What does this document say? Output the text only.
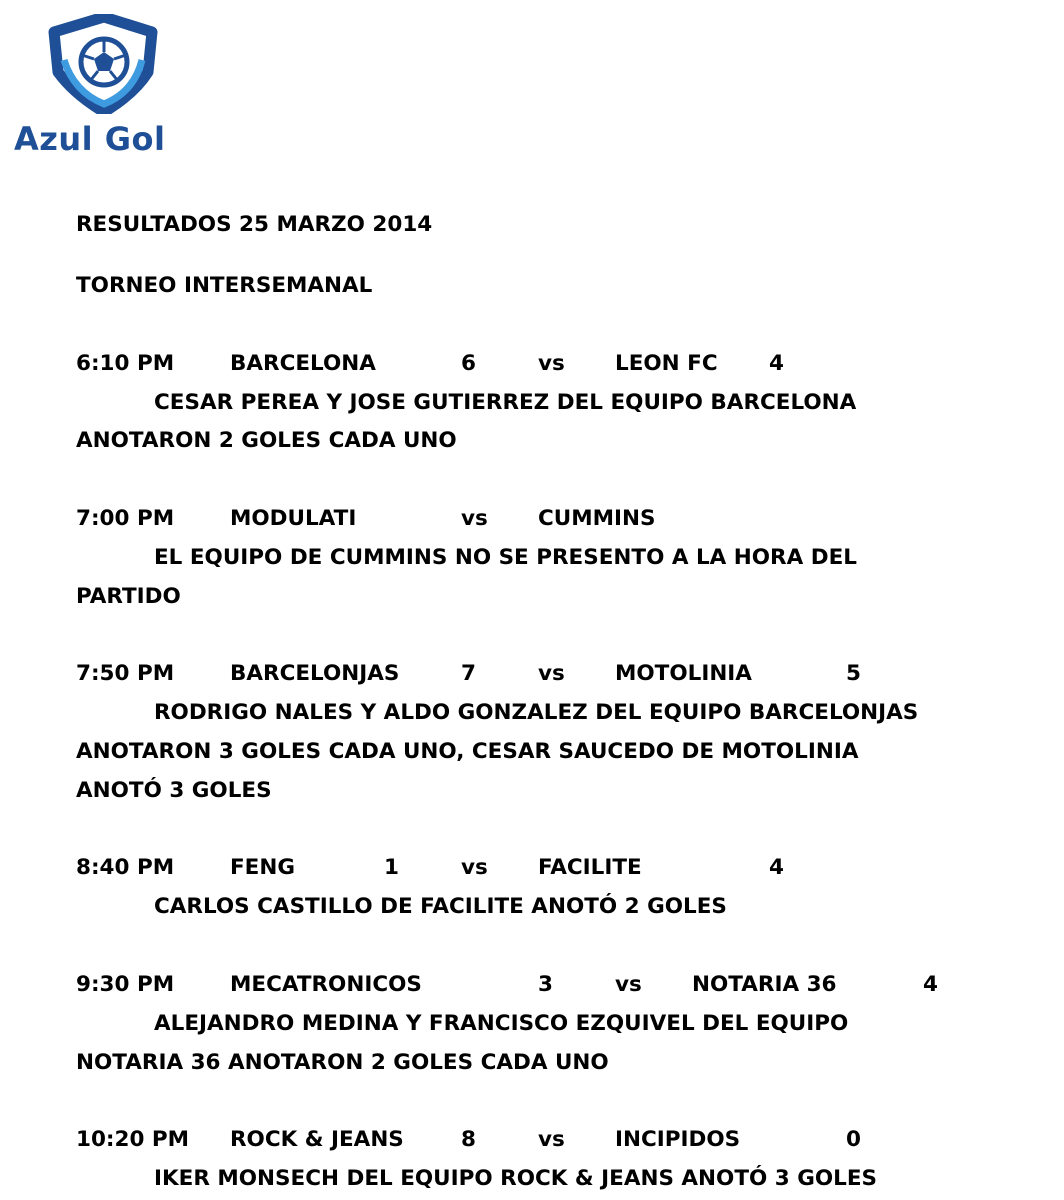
Azul Gol
RESULTADOS 25 MARZO 2014
TORNEO INTERSEMANAL
6:10 PM	BARCELONA	6	vs LEON FC 4
CESAR PEREA Y JOSE GUTIERREZ DEL EQUIPO BARCELONA
ANOTARON 2 GOLES CADA UNO
7:00 PM	MODULATI	vs CUMMINS
EL EQUIPO DE CUMMINS NO SE PRESENTO A LA HORA DEL
PARTIDO
7:50 PM	BARCELONJAS	7	vs MOTOLINIA	5
RODRIGO NALES Y ALDO GONZALEZ DEL EQUIPO BARCELONJAS
ANOTARON 3 GOLES CADA UNO, CESAR SAUCEDO DE MOTOLINIA
ANOTÓ 3 GOLES
8:40 PM	FENG	1	vs FACILITE	4
CARLOS CASTILLO DE FACILITE ANOTÓ 2 GOLES
9:30 PM	MECATRONICOS	3	vs NOTARIA 36	4
ALEJANDRO MEDINA Y FRANCISCO EZQUIVEL DEL EQUIPO
NOTARIA 36 ANOTARON 2 GOLES CADA UNO
10:20 PM ROCK & JEANS	8	vs INCIPIDOS	0
IKER MONSECH DEL EQUIPO ROCK & JEANS ANOTÓ 3 GOLES
